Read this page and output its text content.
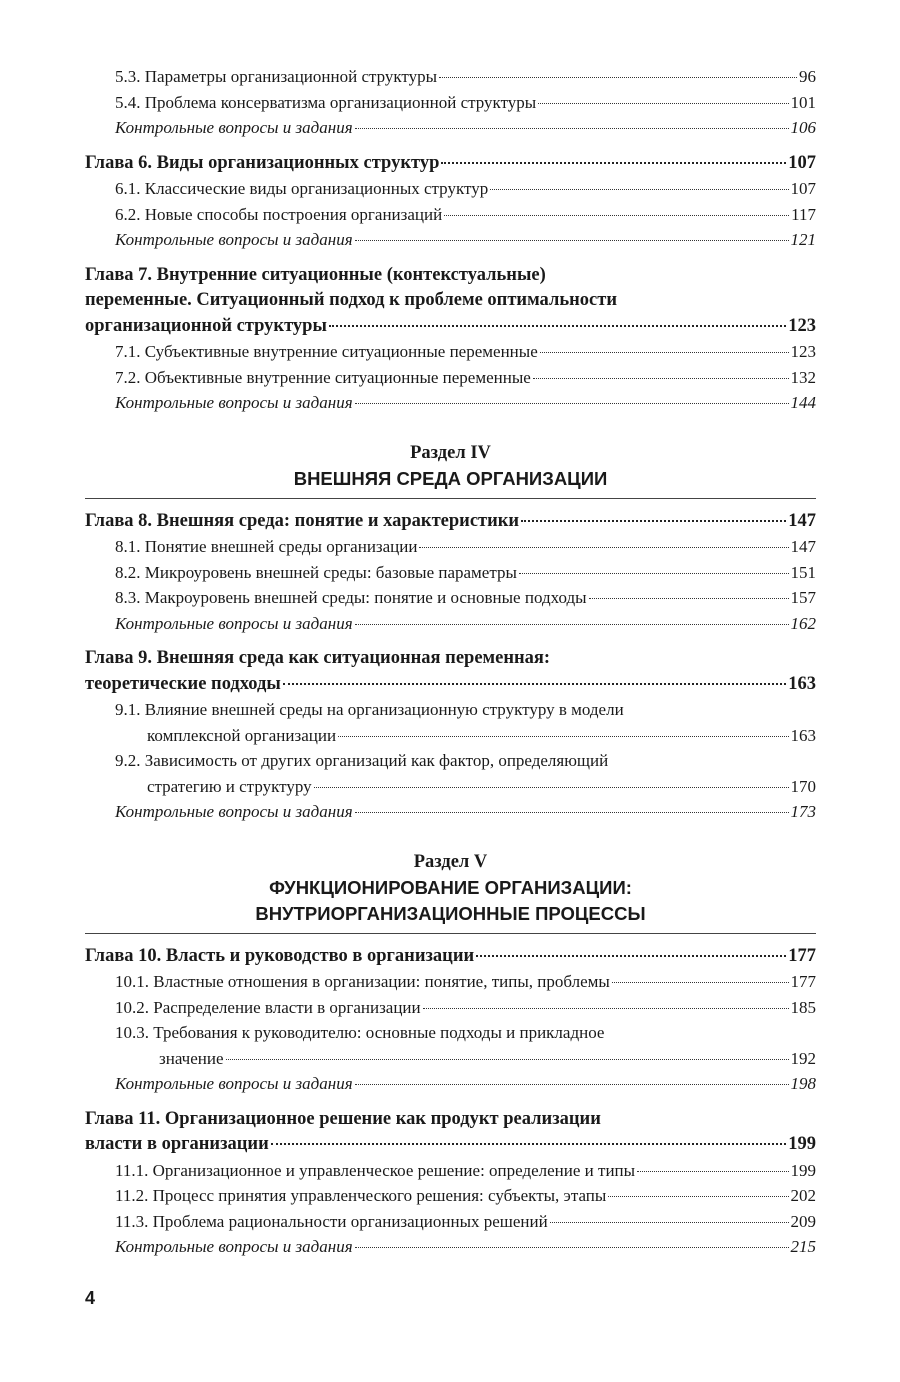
5.3. Параметры организационной структуры	96
5.4. Проблема консерватизма организационной структуры	101
Контрольные вопросы и задания	106
Глава 6. Виды организационных структур	107
6.1. Классические виды организационных структур	107
6.2. Новые способы построения организаций	117
Контрольные вопросы и задания	121
Глава 7. Внутренние ситуационные (контекстуальные)
переменные. Ситуационный подход к проблеме оптимальности
организационной структуры	123
7.1. Субъективные внутренние ситуационные переменные	123
7.2. Объективные внутренние ситуационные переменные	132
Контрольные вопросы и задания	144
Раздел IV
ВНЕШНЯЯ СРЕДА ОРГАНИЗАЦИИ
Глава 8. Внешняя среда: понятие и характеристики	147
8.1. Понятие внешней среды организации	147
8.2. Микроуровень внешней среды: базовые параметры	151
8.3. Макроуровень внешней среды: понятие и основные подходы	157
Контрольные вопросы и задания	162
Глава 9. Внешняя среда как ситуационная переменная:
теоретические подходы	163
9.1. Влияние внешней среды на организационную структуру в модели
комплексной организации	163
9.2. Зависимость от других организаций как фактор, определяющий
стратегию и структуру	170
Контрольные вопросы и задания	173
Раздел V
ФУНКЦИОНИРОВАНИЕ ОРГАНИЗАЦИИ:
ВНУТРИОРГАНИЗАЦИОННЫЕ ПРОЦЕССЫ
Глава 10. Власть и руководство в организации	177
10.1. Властные отношения в организации: понятие, типы, проблемы	177
10.2. Распределение власти в организации	185
10.3. Требования к руководителю: основные подходы и прикладное
значение	192
Контрольные вопросы и задания	198
Глава 11. Организационное решение как продукт реализации
власти в организации	199
11.1. Организационное и управленческое решение: определение и типы	199
11.2. Процесс принятия управленческого решения: субъекты, этапы	202
11.3. Проблема рациональности организационных решений	209
Контрольные вопросы и задания	215
4
